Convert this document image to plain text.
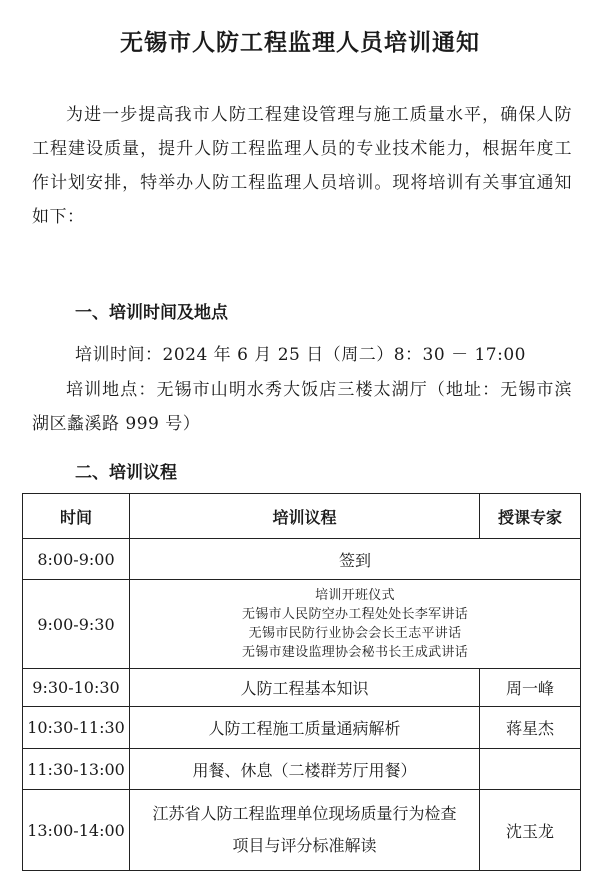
无锡市人防工程监理人员培训通知
为进一步提高我市人防工程建设管理与施工质量水平，确保人防工程建设质量，提升人防工程监理人员的专业技术能力，根据年度工作计划安排，特举办人防工程监理人员培训。现将培训有关事宜通知如下：
一、培训时间及地点
培训时间：2024 年 6 月 25 日（周二）8：30 － 17:00
培训地点：无锡市山明水秀大饭店三楼太湖厅（地址：无锡市滨湖区蠡溪路 999 号）
二、培训议程
时间	培训议程	授课专家
8:00-9:00	签到	
9:00-9:30	培训开班仪式
无锡市人民防空办工程处处长李军讲话
无锡市民防行业协会会长王志平讲话
无锡市建设监理协会秘书长王成武讲话	

9:30-10:30	人防工程基本知识	周一峰
10:30-11:30	人防工程施工质量通病解析	蒋星杰
11:30-13:00	用餐、休息（二楼群芳厅用餐）	
13:00-14:00	江苏省人防工程监理单位现场质量行为检查
项目与评分标准解读	沈玉龙
